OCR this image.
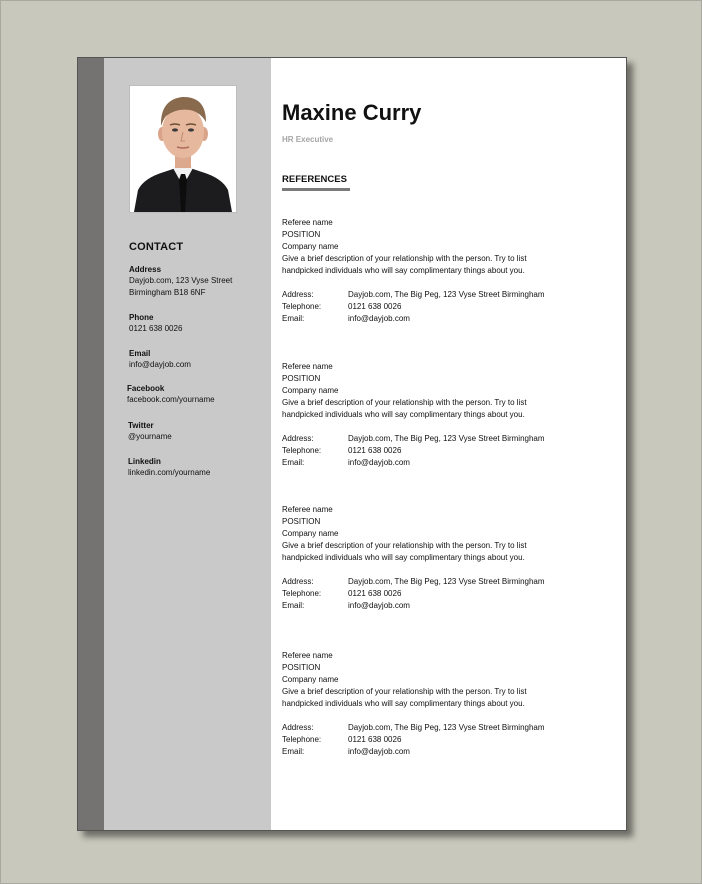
CONTACT
Address
Dayjob.com, 123 Vyse Street
Birmingham B18 6NF
Phone
0121 638 0026
Email
info@dayjob.com
Facebook
facebook.com/yourname
Twitter
@yourname
Linkedin
linkedin.com/yourname
Maxine Curry
HR Executive
REFERENCES
Referee name
POSITION
Company name
Give a brief description of your relationship with the person. Try to list handpicked individuals who will say complimentary things about you.
Address:	Dayjob.com, The Big Peg, 123 Vyse Street Birmingham
Telephone:	0121 638 0026
Email:	info@dayjob.com
Referee name
POSITION
Company name
Give a brief description of your relationship with the person. Try to list handpicked individuals who will say complimentary things about you.
Address:	Dayjob.com, The Big Peg, 123 Vyse Street Birmingham
Telephone:	0121 638 0026
Email:	info@dayjob.com
Referee name
POSITION
Company name
Give a brief description of your relationship with the person. Try to list handpicked individuals who will say complimentary things about you.
Address:	Dayjob.com, The Big Peg, 123 Vyse Street Birmingham
Telephone:	0121 638 0026
Email:	info@dayjob.com
Referee name
POSITION
Company name
Give a brief description of your relationship with the person. Try to list handpicked individuals who will say complimentary things about you.
Address:	Dayjob.com, The Big Peg, 123 Vyse Street Birmingham
Telephone:	0121 638 0026
Email:	info@dayjob.com
